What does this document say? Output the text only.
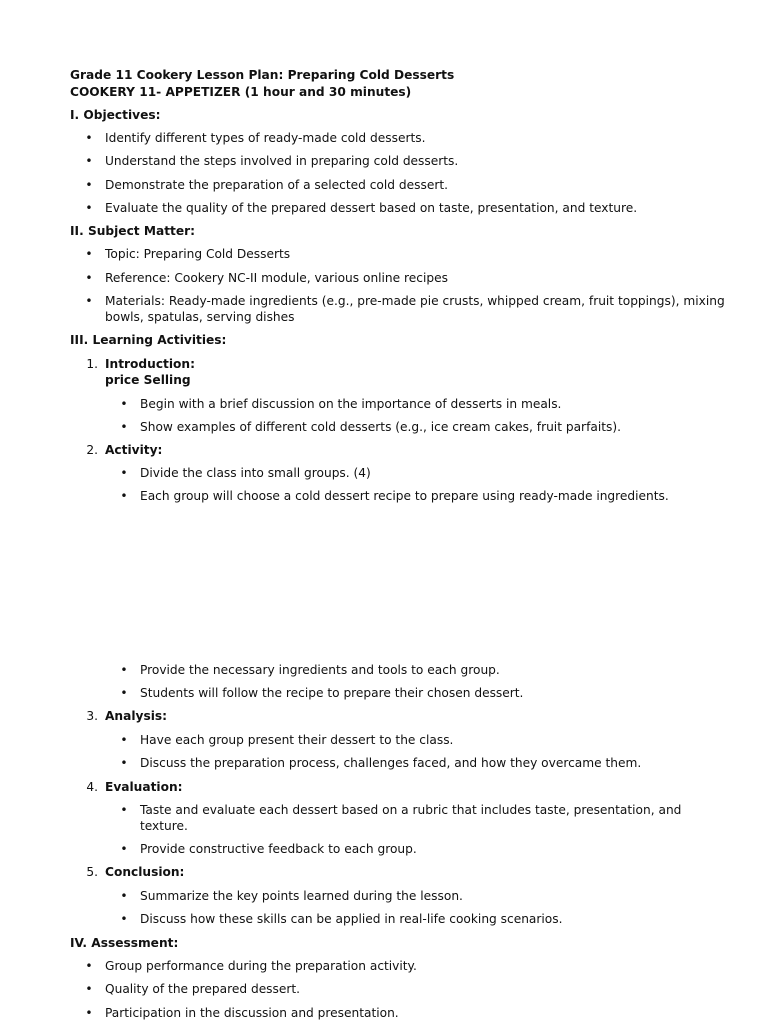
Grade 11 Cookery Lesson Plan: Preparing Cold Desserts
COOKERY 11- APPETIZER (1 hour and 30 minutes)
I. Objectives:
• Identify different types of ready-made cold desserts.
• Understand the steps involved in preparing cold desserts.
• Demonstrate the preparation of a selected cold dessert.
• Evaluate the quality of the prepared dessert based on taste, presentation, and texture.
II. Subject Matter:
• Topic: Preparing Cold Desserts
• Reference: Cookery NC-II module, various online recipes
• Materials: Ready-made ingredients (e.g., pre-made pie crusts, whipped cream, fruit toppings), mixing
bowls, spatulas, serving dishes
III. Learning Activities:
1. Introduction:
price Selling
• Begin with a brief discussion on the importance of desserts in meals.
• Show examples of different cold desserts (e.g., ice cream cakes, fruit parfaits).
2. Activity:
• Divide the class into small groups. (4)
• Each group will choose a cold dessert recipe to prepare using ready-made ingredients.
• Provide the necessary ingredients and tools to each group.
• Students will follow the recipe to prepare their chosen dessert.
3. Analysis:
• Have each group present their dessert to the class.
• Discuss the preparation process, challenges faced, and how they overcame them.
4. Evaluation:
• Taste and evaluate each dessert based on a rubric that includes taste, presentation, and
texture.
• Provide constructive feedback to each group.
5. Conclusion:
• Summarize the key points learned during the lesson.
• Discuss how these skills can be applied in real-life cooking scenarios.
IV. Assessment:
• Group performance during the preparation activity.
• Quality of the prepared dessert.
• Participation in the discussion and presentation.
